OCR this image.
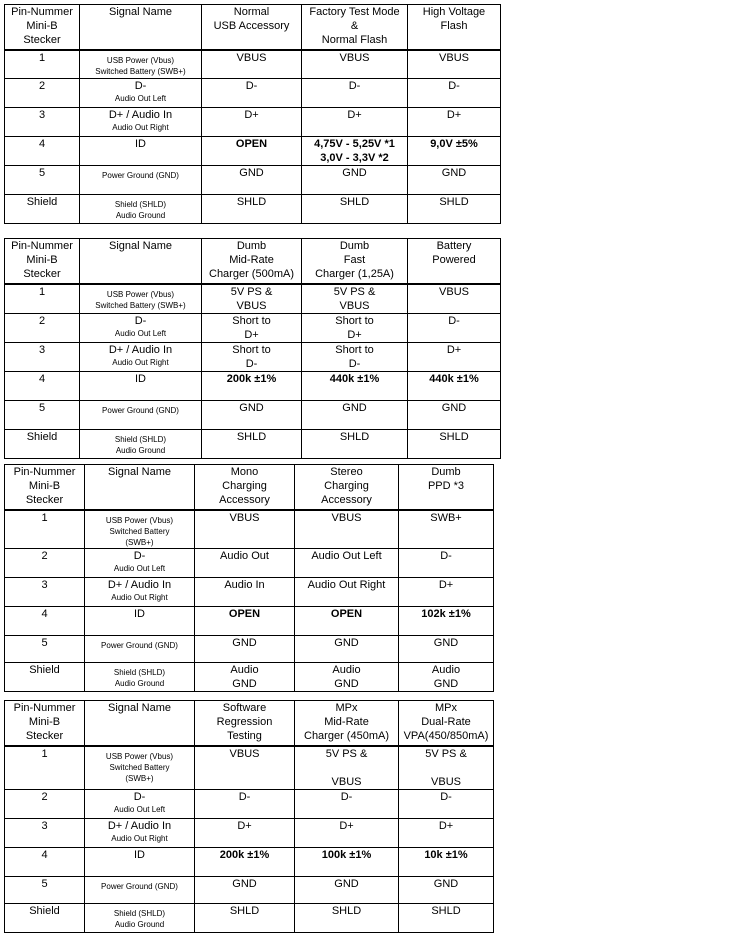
Pin-Nummer
Mini-B
Stecker	Signal Name	Normal
USB Accessory	Factory Test Mode
&
Normal Flash	High Voltage
Flash

1	USB Power (Vbus)
Switched Battery (SWB+)	VBUS	VBUS	VBUS

2	D-
Audio Out Left	D-	D-	D-

3	D+ / Audio In
Audio Out Right	D+	D+	D+

4	ID	OPEN	4,75V - 5,25V *1
3,0V - 3,3V *2	9,0V ±5%

5	Power Ground (GND)	GND	GND	GND

Shield	Shield (SHLD)
Audio Ground	SHLD	SHLD	SHLD
Pin-Nummer
Mini-B
Stecker	Signal Name	Dumb
Mid-Rate
Charger (500mA)	Dumb
Fast
Charger (1,25A)	Battery
Powered

1	USB Power (Vbus)
Switched Battery (SWB+)	5V PS &
VBUS	5V PS &
VBUS	VBUS

2	D-
Audio Out Left	Short to
D+	Short to
D+	D-

3	D+ / Audio In
Audio Out Right	Short to
D-	Short to
D-	D+

4	ID	200k ±1%	440k ±1%	440k ±1%

5	Power Ground (GND)	GND	GND	GND

Shield	Shield (SHLD)
Audio Ground	SHLD	SHLD	SHLD
Pin-Nummer
Mini-B
Stecker	Signal Name	Mono
Charging
Accessory	Stereo
Charging
Accessory	Dumb
PPD *3

1	USB Power (Vbus)
Switched Battery
(SWB+)	VBUS	VBUS	SWB+

2	D-
Audio Out Left	Audio Out	Audio Out Left	D-

3	D+ / Audio In
Audio Out Right	Audio In	Audio Out Right	D+

4	ID	OPEN	OPEN	102k ±1%

5	Power Ground (GND)	GND	GND	GND

Shield	Shield (SHLD)
Audio Ground	Audio
GND	Audio
GND	Audio
GND
Pin-Nummer
Mini-B
Stecker	Signal Name	Software
Regression
Testing	MPx
Mid-Rate
Charger (450mA)	MPx
Dual-Rate
VPA(450/850mA)

1	USB Power (Vbus)
Switched Battery
(SWB+)	VBUS	5V PS &

VBUS	5V PS &

VBUS

2	D-
Audio Out Left	D-	D-	D-

3	D+ / Audio In
Audio Out Right	D+	D+	D+

4	ID	200k ±1%	100k ±1%	10k ±1%

5	Power Ground (GND)	GND	GND	GND

Shield	Shield (SHLD)
Audio Ground	SHLD	SHLD	SHLD
